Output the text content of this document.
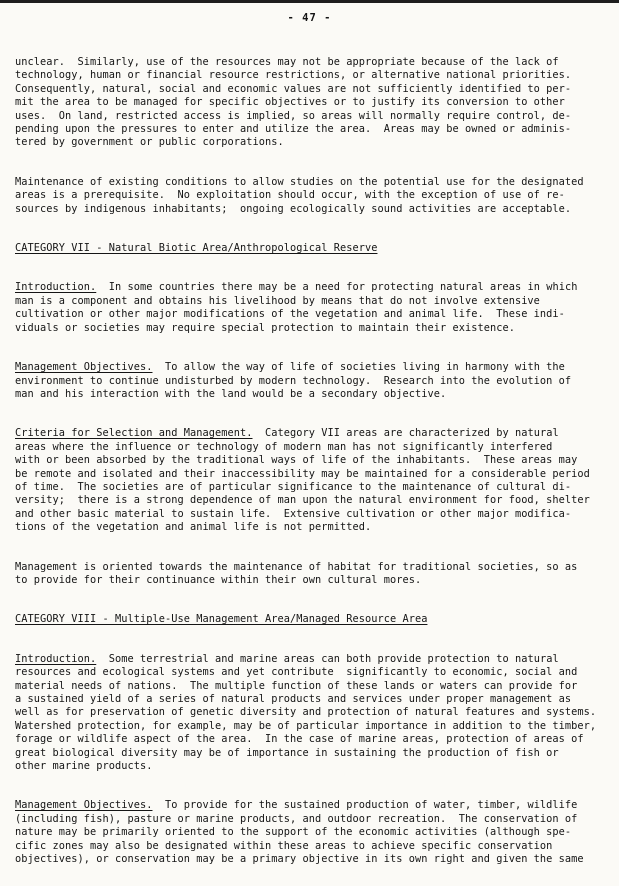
- 47 -
unclear.  Similarly, use of the resources may not be appropriate because of the lack of
technology, human or financial resource restrictions, or alternative national priorities.
Consequently, natural, social and economic values are not sufficiently identified to per-
mit the area to be managed for specific objectives or to justify its conversion to other
uses.  On land, restricted access is implied, so areas will normally require control, de-
pending upon the pressures to enter and utilize the area.  Areas may be owned or adminis-
tered by government or public corporations.
Maintenance of existing conditions to allow studies on the potential use for the designated
areas is a prerequisite.  No exploitation should occur, with the exception of use of re-
sources by indigenous inhabitants;  ongoing ecologically sound activities are acceptable.
CATEGORY VII - Natural Biotic Area/Anthropological Reserve
Introduction.  In some countries there may be a need for protecting natural areas in which
man is a component and obtains his livelihood by means that do not involve extensive
cultivation or other major modifications of the vegetation and animal life.  These indi-
viduals or societies may require special protection to maintain their existence.
Management Objectives.  To allow the way of life of societies living in harmony with the
environment to continue undisturbed by modern technology.  Research into the evolution of
man and his interaction with the land would be a secondary objective.
Criteria for Selection and Management.  Category VII areas are characterized by natural
areas where the influence or technology of modern man has not significantly interfered
with or been absorbed by the traditional ways of life of the inhabitants.  These areas may
be remote and isolated and their inaccessibility may be maintained for a considerable period
of time.  The societies are of particular significance to the maintenance of cultural di-
versity;  there is a strong dependence of man upon the natural environment for food, shelter
and other basic material to sustain life.  Extensive cultivation or other major modifica-
tions of the vegetation and animal life is not permitted.
Management is oriented towards the maintenance of habitat for traditional societies, so as
to provide for their continuance within their own cultural mores.
CATEGORY VIII - Multiple-Use Management Area/Managed Resource Area
Introduction.  Some terrestrial and marine areas can both provide protection to natural
resources and ecological systems and yet contribute  significantly to economic, social and
material needs of nations.  The multiple function of these lands or waters can provide for
a sustained yield of a series of natural products and services under proper management as
well as for preservation of genetic diversity and protection of natural features and systems.
Watershed protection, for example, may be of particular importance in addition to the timber,
forage or wildlife aspect of the area.  In the case of marine areas, protection of areas of
great biological diversity may be of importance in sustaining the production of fish or
other marine products.
Management Objectives.  To provide for the sustained production of water, timber, wildlife
(including fish), pasture or marine products, and outdoor recreation.  The conservation of
nature may be primarily oriented to the support of the economic activities (although spe-
cific zones may also be designated within these areas to achieve specific conservation
objectives), or conservation may be a primary objective in its own right and given the same
